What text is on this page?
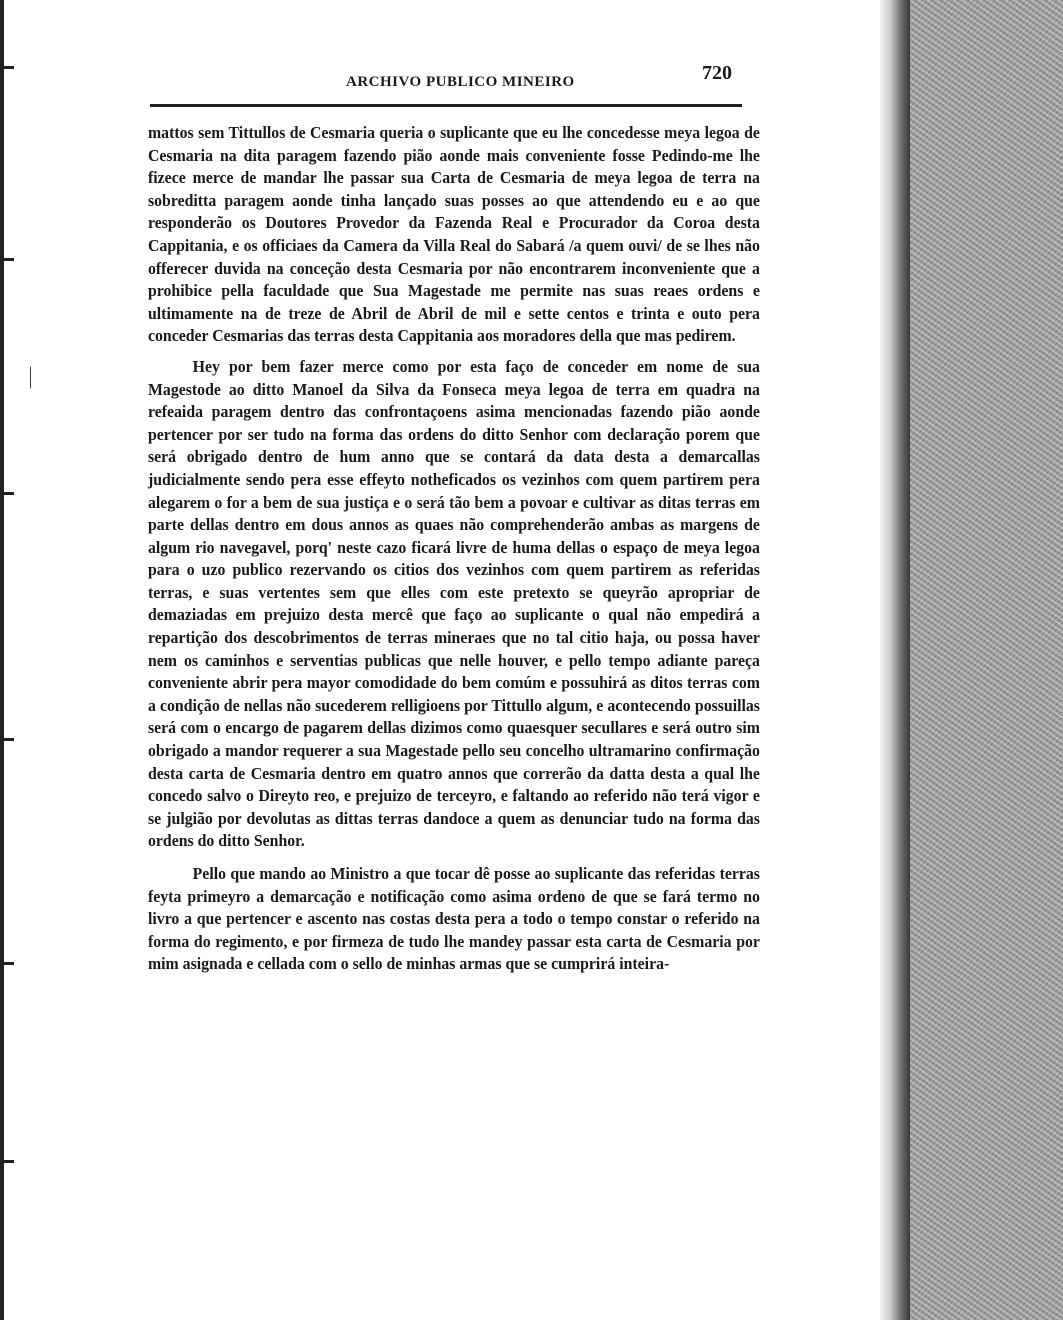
︳
ARCHIVO PUBLICO MINEIRO	720

mattos sem Tittullos de Cesmaria queria o suplicante que eu lhe concedesse meya legoa de Cesmaria na dita paragem fazendo pião aonde mais conveniente fosse Pedindo-me lhe fizece merce de mandar lhe passar sua Carta de Cesmaria de meya legoa de terra na sobreditta paragem aonde tinha lançado suas posses ao que attendendo eu e ao que responderão os Doutores Provedor da Fazenda Real e Procurador da Coroa desta Cappitania, e os officiaes da Camera da Villa Real do Sabará /a quem ouvi/ de se lhes não offerecer duvida na conceção desta Cesmaria por não encontrarem inconveniente que a prohibice pella faculdade que Sua Magestade me permite nas suas reaes ordens e ultimamente na de treze de Abril de Abril de mil e sette centos e trinta e outo pera conceder Cesmarias das terras desta Cappitania aos moradores della que mas pedirem.

Hey por bem fazer merce como por esta faço de conceder em nome de sua Magestode ao ditto Manoel da Silva da Fonseca meya legoa de terra em quadra na refeaida paragem dentro das confrontaçoens asima mencionadas fazendo pião aonde pertencer por ser tudo na forma das ordens do ditto Senhor com declaração porem que será obrigado dentro de hum anno que se contará da data desta a demarcallas judicialmente sendo pera esse effeyto notheficados os vezinhos com quem partirem pera alegarem o for a bem de sua justiça e o será tão bem a povoar e cultivar as ditas terras em parte dellas dentro em dous annos as quaes não comprehenderão ambas as margens de algum rio navegavel, porq' neste cazo ficará livre de huma dellas o espaço de meya legoa para o uzo publico rezervando os citios dos vezinhos com quem partirem as referidas terras, e suas vertentes sem que elles com este pretexto se queyrão apropriar de demaziadas em prejuizo desta mercê que faço ao suplicante o qual não empedirá a repartição dos descobrimentos de terras mineraes que no tal citio haja, ou possa haver nem os caminhos e serventias publicas que nelle houver, e pello tempo adiante pareça conveniente abrir pera mayor comodidade do bem comúm e possuhirá as ditos terras com a condição de nellas não sucederem relligioens por Tittullo algum, e acontecendo possuillas será com o encargo de pagarem dellas dizimos como quaesquer secullares e será outro sim obrigado a mandor requerer a sua Magestade pello seu concelho ultramarino confirmação desta carta de Cesmaria dentro em quatro annos que correrão da datta desta a qual lhe concedo salvo o Direyto reo, e prejuizo de terceyro, e faltando ao referido não terá vigor e se julgião por devolutas as dittas terras dandoce a quem as denunciar tudo na forma das ordens do ditto Senhor.

Pello que mando ao Ministro a que tocar dê posse ao suplicante das referidas terras feyta primeyro a demarcação e notificação como asima ordeno de que se fará termo no livro a que pertencer e ascento nas costas desta pera a todo o tempo constar o referido na forma do regimento, e por firmeza de tudo lhe mandey passar esta carta de Cesmaria por mim asignada e cellada com o sello de minhas armas que se cumprirá inteira-
